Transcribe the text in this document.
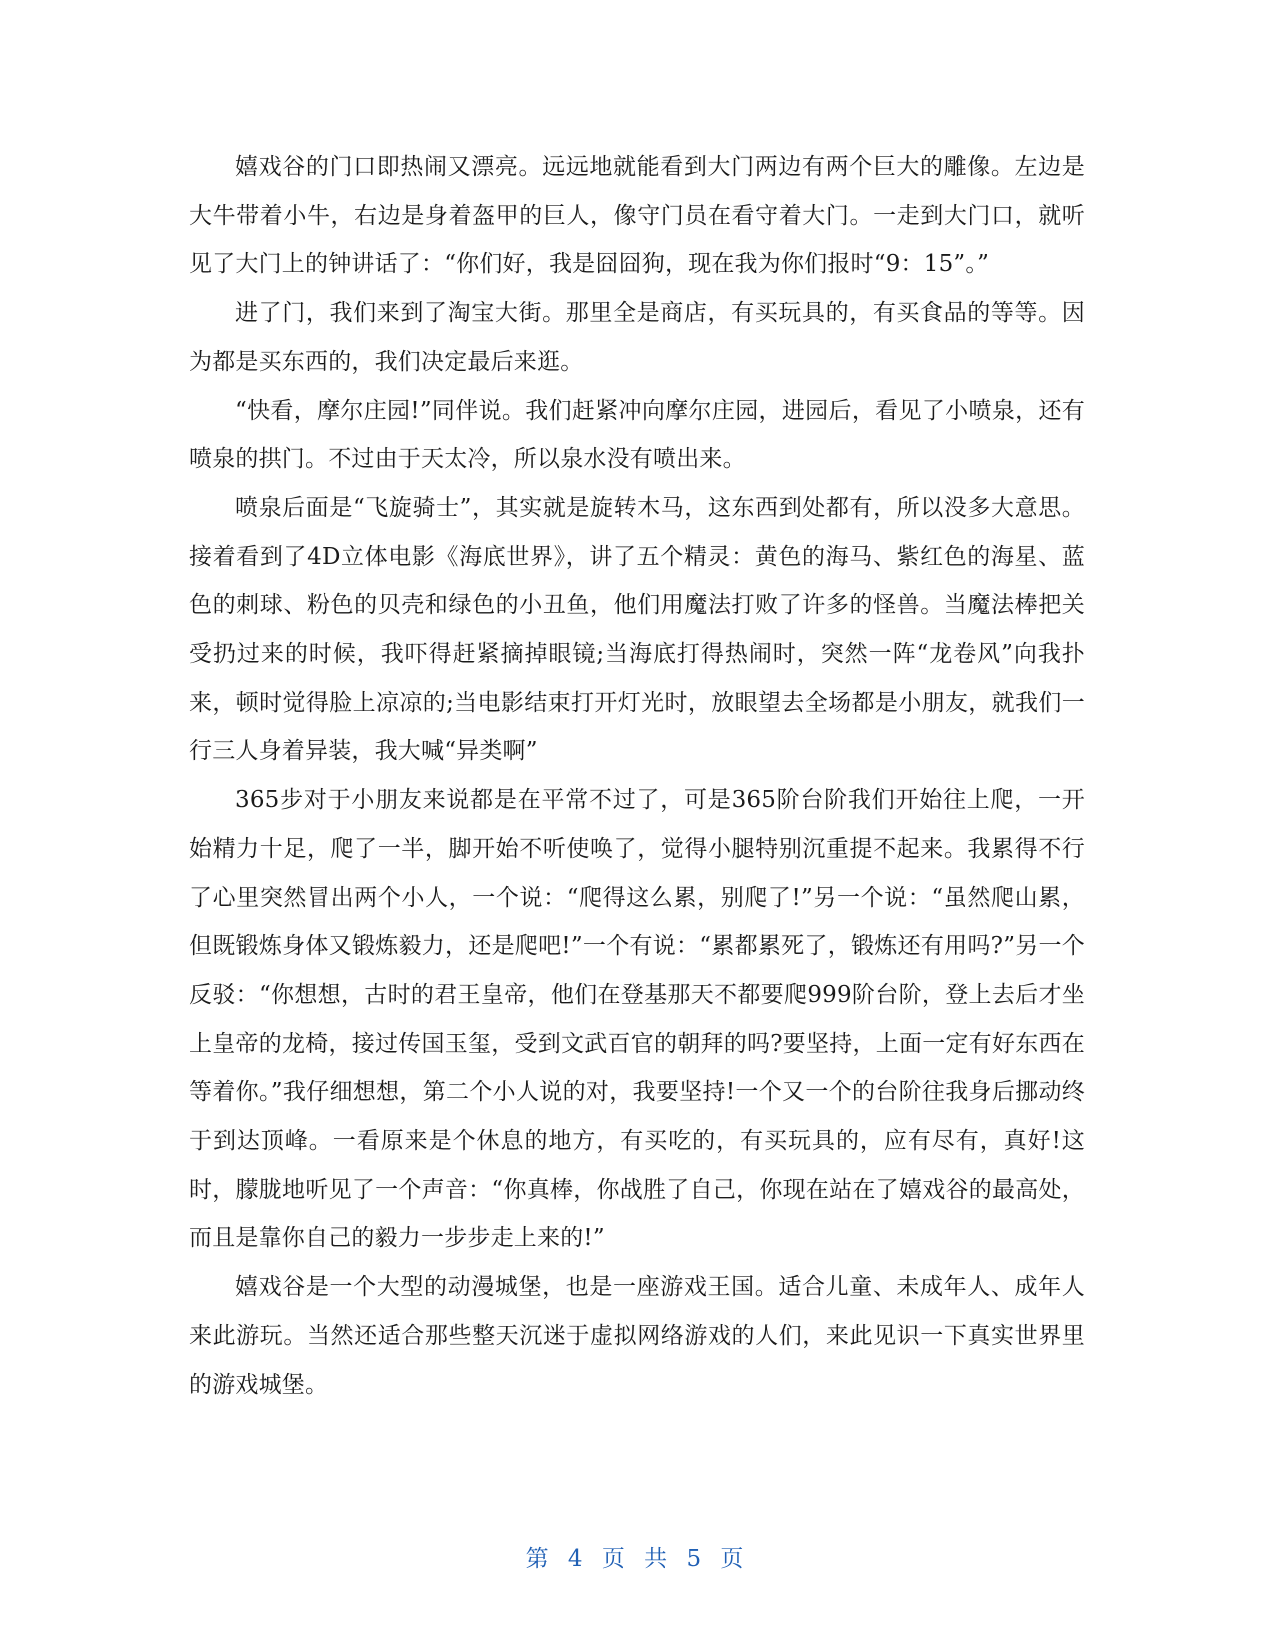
嬉戏谷的门口即热闹又漂亮。远远地就能看到大门两边有两个巨大的雕像。左边是大牛带着小牛，右边是身着盔甲的巨人，像守门员在看守着大门。一走到大门口，就听见了大门上的钟讲话了：“你们好，我是囧囧狗，现在我为你们报时“9：15”。”

进了门，我们来到了淘宝大街。那里全是商店，有买玩具的，有买食品的等等。因为都是买东西的，我们决定最后来逛。

“快看，摩尔庄园!”同伴说。我们赶紧冲向摩尔庄园，进园后，看见了小喷泉，还有喷泉的拱门。不过由于天太冷，所以泉水没有喷出来。

喷泉后面是“飞旋骑士”，其实就是旋转木马，这东西到处都有，所以没多大意思。接着看到了4D立体电影《海底世界》，讲了五个精灵：黄色的海马、紫红色的海星、蓝色的刺球、粉色的贝壳和绿色的小丑鱼，他们用魔法打败了许多的怪兽。当魔法棒把关受扔过来的时候，我吓得赶紧摘掉眼镜;当海底打得热闹时，突然一阵“龙卷风”向我扑来，顿时觉得脸上凉凉的;当电影结束打开灯光时，放眼望去全场都是小朋友，就我们一行三人身着异装，我大喊“异类啊”

365步对于小朋友来说都是在平常不过了，可是365阶台阶我们开始往上爬，一开始精力十足，爬了一半，脚开始不听使唤了，觉得小腿特别沉重提不起来。我累得不行了心里突然冒出两个小人，一个说：“爬得这么累，别爬了!”另一个说：“虽然爬山累，但既锻炼身体又锻炼毅力，还是爬吧!”一个有说：“累都累死了，锻炼还有用吗?”另一个反驳：“你想想，古时的君王皇帝，他们在登基那天不都要爬999阶台阶，登上去后才坐上皇帝的龙椅，接过传国玉玺，受到文武百官的朝拜的吗?要坚持，上面一定有好东西在等着你。”我仔细想想，第二个小人说的对，我要坚持!一个又一个的台阶往我身后挪动终于到达顶峰。一看原来是个休息的地方，有买吃的，有买玩具的，应有尽有，真好!这时，朦胧地听见了一个声音：“你真棒，你战胜了自己，你现在站在了嬉戏谷的最高处，而且是靠你自己的毅力一步步走上来的!”

嬉戏谷是一个大型的动漫城堡，也是一座游戏王国。适合儿童、未成年人、成年人来此游玩。当然还适合那些整天沉迷于虚拟网络游戏的人们，来此见识一下真实世界里的游戏城堡。

第 4 页 共 5 页
